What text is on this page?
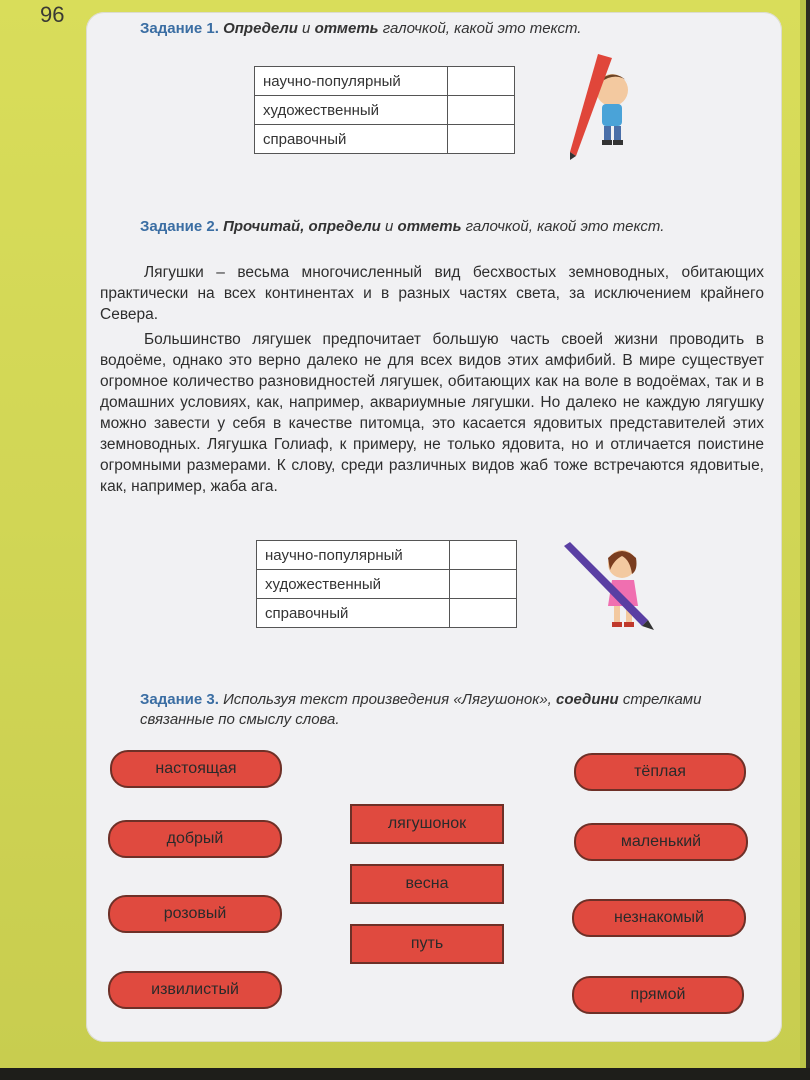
96
Задание 1. Определи и отметь галочкой, какой это текст.
научно-популярный	
художественный	
справочный	
Задание 2. Прочитай, определи и отметь галочкой, какой это текст.

Лягушки – весьма многочисленный вид бесхвостых земноводных, обитающих практически на всех континентах и в разных частях света, за исключением крайнего Севера.

Большинство лягушек предпочитает большую часть своей жизни проводить в водоёме, однако это верно далеко не для всех видов этих амфибий. В мире существует огромное количество разновидностей лягушек, обитающих как на воле в водоёмах, так и в домашних условиях, как, например, аквариумные лягушки. Но далеко не каждую лягушку можно завести у себя в качестве питомца, это касается ядовитых представителей этих земноводных. Лягушка Голиаф, к примеру, не только ядовита, но и отличается поистине огромными размерами. К слову, среди различных видов жаб тоже встречаются ядовитые, как, например, жаба ага.

научно-популярный	
художественный	
справочный	
Задание 3. Используя текст произведения «Лягушонок», соедини стрелками связанные по смыслу слова.
настоящая
добрый
розовый
извилистый
лягушонок
весна
путь
тёплая
маленький
незнакомый
прямой
